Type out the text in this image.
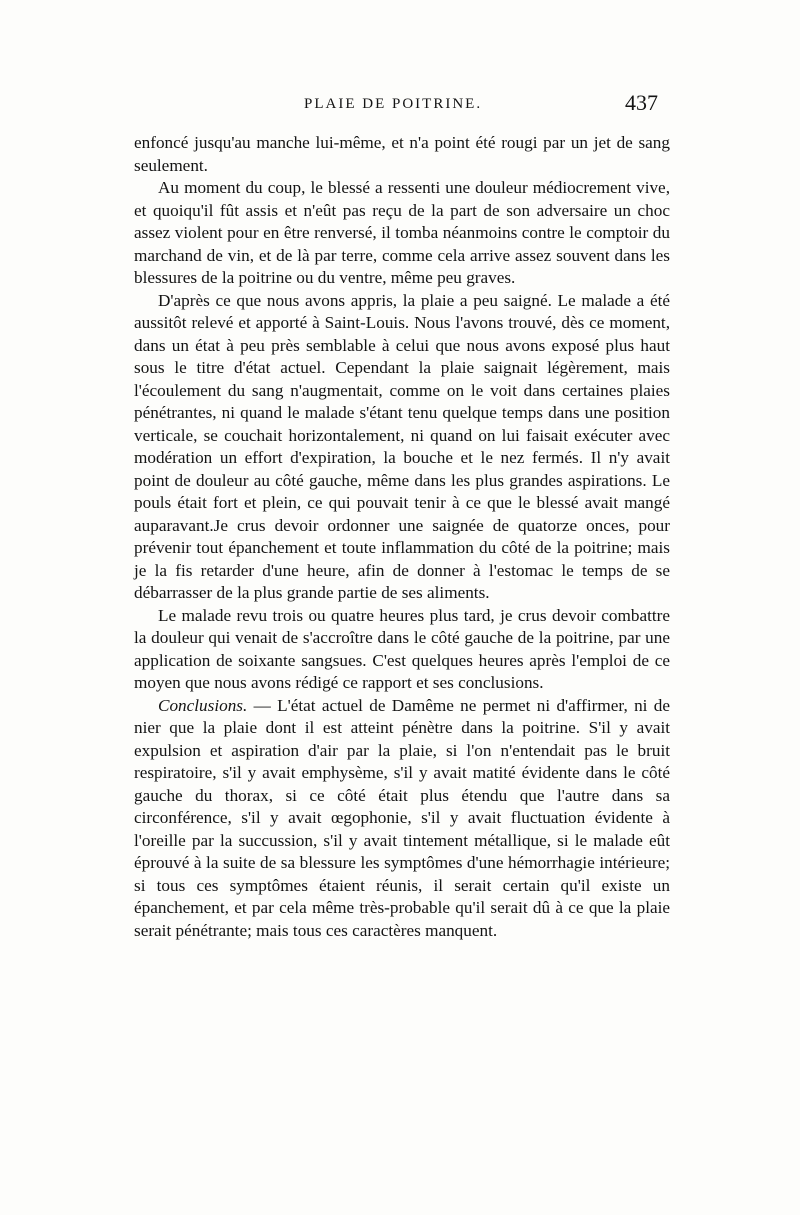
PLAIE DE POITRINE.	437

enfoncé jusqu'au manche lui-même, et n'a point été rougi par un jet de sang seulement.

Au moment du coup, le blessé a ressenti une douleur médiocrement vive, et quoiqu'il fût assis et n'eût pas reçu de la part de son adversaire un choc assez violent pour en être renversé, il tomba néanmoins contre le comptoir du marchand de vin, et de là par terre, comme cela arrive assez souvent dans les blessures de la poitrine ou du ventre, même peu graves.

D'après ce que nous avons appris, la plaie a peu saigné. Le malade a été aussitôt relevé et apporté à Saint-Louis. Nous l'avons trouvé, dès ce moment, dans un état à peu près semblable à celui que nous avons exposé plus haut sous le titre d'état actuel. Cependant la plaie saignait légèrement, mais l'écoulement du sang n'augmentait, comme on le voit dans certaines plaies pénétrantes, ni quand le malade s'étant tenu quelque temps dans une position verticale, se couchait horizontalement, ni quand on lui faisait exécuter avec modération un effort d'expiration, la bouche et le nez fermés. Il n'y avait point de douleur au côté gauche, même dans les plus grandes aspirations. Le pouls était fort et plein, ce qui pouvait tenir à ce que le blessé avait mangé auparavant.Je crus devoir ordonner une saignée de quatorze onces, pour prévenir tout épanchement et toute inflammation du côté de la poitrine; mais je la fis retarder d'une heure, afin de donner à l'estomac le temps de se débarrasser de la plus grande partie de ses aliments.

Le malade revu trois ou quatre heures plus tard, je crus devoir combattre la douleur qui venait de s'accroître dans le côté gauche de la poitrine, par une application de soixante sangsues. C'est quelques heures après l'emploi de ce moyen que nous avons rédigé ce rapport et ses conclusions.

Conclusions. — L'état actuel de Damême ne permet ni d'affirmer, ni de nier que la plaie dont il est atteint pénètre dans la poitrine. S'il y avait expulsion et aspiration d'air par la plaie, si l'on n'entendait pas le bruit respiratoire, s'il y avait emphysème, s'il y avait matité évidente dans le côté gauche du thorax, si ce côté était plus étendu que l'autre dans sa circonférence, s'il y avait œgophonie, s'il y avait fluctuation évidente à l'oreille par la succussion, s'il y avait tintement métallique, si le malade eût éprouvé à la suite de sa blessure les symptômes d'une hémorrhagie intérieure; si tous ces symptômes étaient réunis, il serait certain qu'il existe un épanchement, et par cela même très-probable qu'il serait dû à ce que la plaie serait pénétrante; mais tous ces caractères manquent.
